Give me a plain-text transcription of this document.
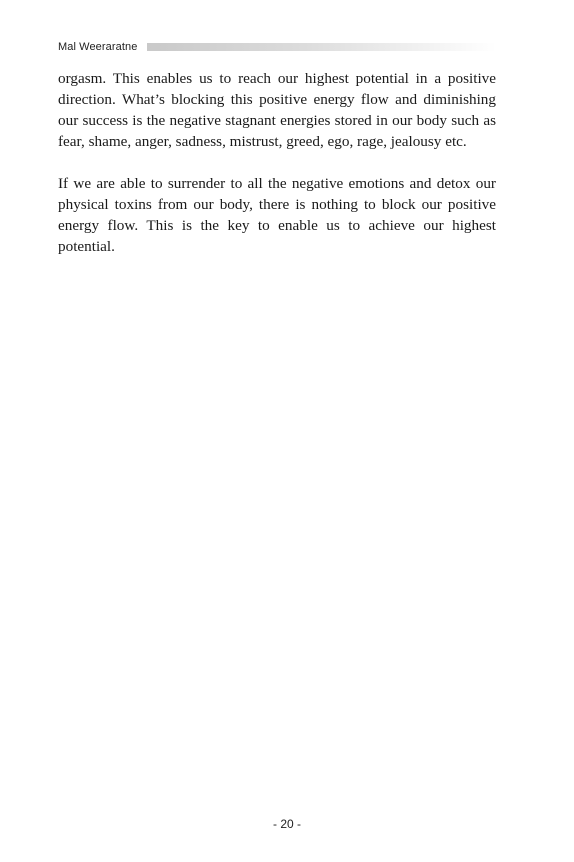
Mal Weeraratne

orgasm. This enables us to reach our highest potential in a positive direction. What’s blocking this positive energy flow and diminishing our success is the negative stagnant energies stored in our body such as fear, shame, anger, sadness, mistrust, greed, ego, rage, jealousy etc.

If we are able to surrender to all the negative emotions and detox our physical toxins from our body, there is nothing to block our positive energy flow. This is the key to enable us to achieve our highest potential.

- 20 -
